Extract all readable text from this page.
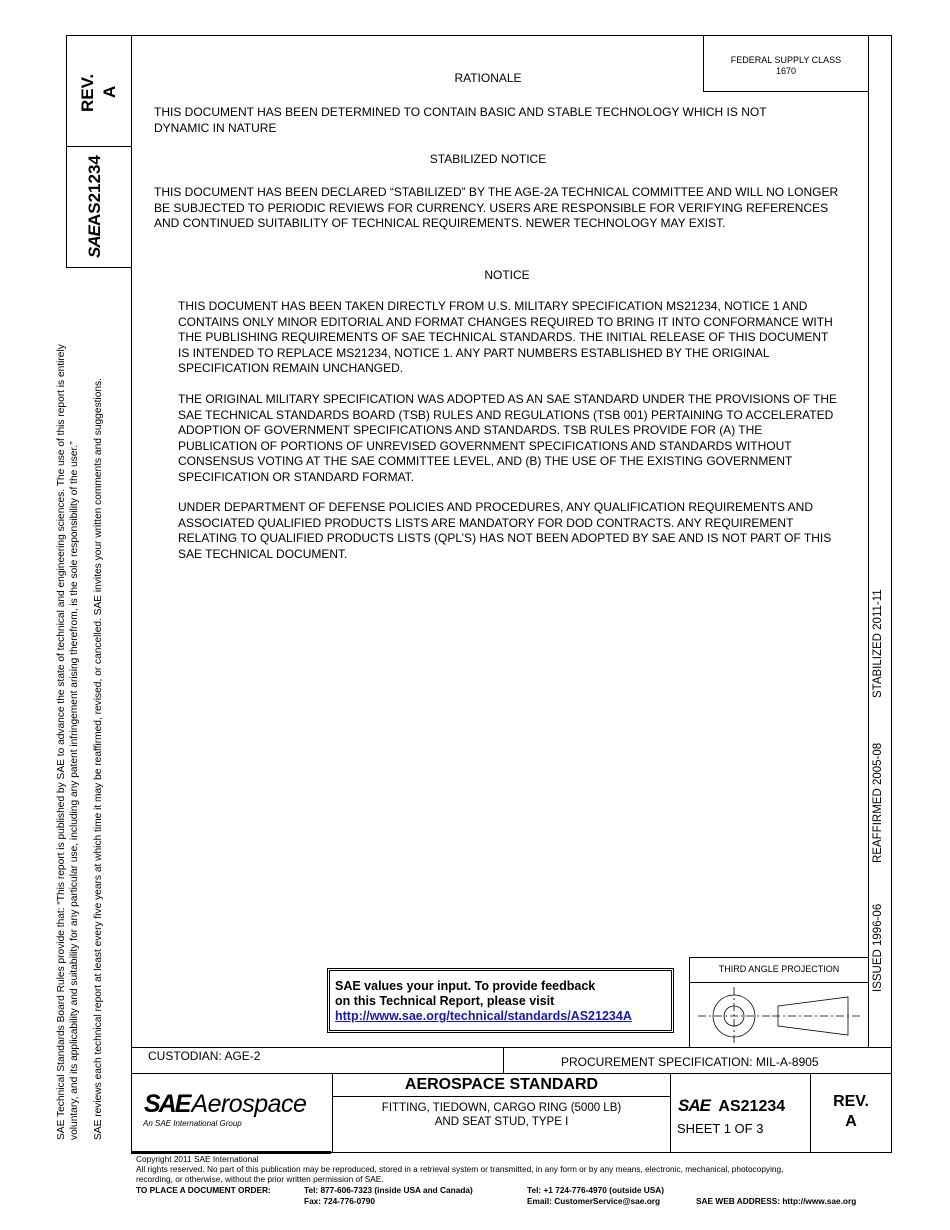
REV. A
SAEAS21234
FEDERAL SUPPLY CLASS
1670
RATIONALE
THIS DOCUMENT HAS BEEN DETERMINED TO CONTAIN BASIC AND STABLE TECHNOLOGY WHICH IS NOT DYNAMIC IN NATURE
STABILIZED NOTICE
THIS DOCUMENT HAS BEEN DECLARED “STABILIZED” BY THE AGE-2A TECHNICAL COMMITTEE AND WILL NO LONGER BE SUBJECTED TO PERIODIC REVIEWS FOR CURRENCY. USERS ARE RESPONSIBLE FOR VERIFYING REFERENCES AND CONTINUED SUITABILITY OF TECHNICAL REQUIREMENTS. NEWER TECHNOLOGY MAY EXIST.
NOTICE
THIS DOCUMENT HAS BEEN TAKEN DIRECTLY FROM U.S. MILITARY SPECIFICATION MS21234, NOTICE 1 AND CONTAINS ONLY MINOR EDITORIAL AND FORMAT CHANGES REQUIRED TO BRING IT INTO CONFORMANCE WITH THE PUBLISHING REQUIREMENTS OF SAE TECHNICAL STANDARDS. THE INITIAL RELEASE OF THIS DOCUMENT IS INTENDED TO REPLACE MS21234, NOTICE 1. ANY PART NUMBERS ESTABLISHED BY THE ORIGINAL SPECIFICATION REMAIN UNCHANGED.
THE ORIGINAL MILITARY SPECIFICATION WAS ADOPTED AS AN SAE STANDARD UNDER THE PROVISIONS OF THE SAE TECHNICAL STANDARDS BOARD (TSB) RULES AND REGULATIONS (TSB 001) PERTAINING TO ACCELERATED ADOPTION OF GOVERNMENT SPECIFICATIONS AND STANDARDS. TSB RULES PROVIDE FOR (A) THE PUBLICATION OF PORTIONS OF UNREVISED GOVERNMENT SPECIFICATIONS AND STANDARDS WITHOUT CONSENSUS VOTING AT THE SAE COMMITTEE LEVEL, AND (B) THE USE OF THE EXISTING GOVERNMENT SPECIFICATION OR STANDARD FORMAT.
UNDER DEPARTMENT OF DEFENSE POLICIES AND PROCEDURES, ANY QUALIFICATION REQUIREMENTS AND ASSOCIATED QUALIFIED PRODUCTS LISTS ARE MANDATORY FOR DOD CONTRACTS. ANY REQUIREMENT RELATING TO QUALIFIED PRODUCTS LISTS (QPL’S) HAS NOT BEEN ADOPTED BY SAE AND IS NOT PART OF THIS SAE TECHNICAL DOCUMENT.
SAE Technical Standards Board Rules provide that: “This report is published by SAE to advance the state of technical and engineering sciences. The use of this report is entirely voluntary, and its applicability and suitability for any particular use, including any patent infringement arising therefrom, is the sole responsibility of the user.” SAE reviews each technical report at least every five years at which time it may be reaffirmed, revised, or cancelled. SAE invites your written comments and suggestions.	STABILIZED 2011-11
REAFFIRMED 2005-08
ISSUED 1996-06
SAE values your input. To provide feedback
on this Technical Report, please visit
http://www.sae.org/technical/standards/AS21234A
THIRD ANGLE PROJECTION
CUSTODIAN: AGE-2	PROCUREMENT SPECIFICATION: MIL-A-8905
SAEAerospace
An SAE International Group
AEROSPACE STANDARD
FITTING, TIEDOWN, CARGO RING (5000 LB)
AND SEAT STUD, TYPE I
SAE AS21234
SHEET 1 OF 3
REV.
A
Copyright 2011 SAE International
All rights reserved. No part of this publication may be reproduced, stored in a retrieval system or transmitted, in any form or by any means, electronic, mechanical, photocopying,
recording, or otherwise, without the prior written permission of SAE.
TO PLACE A DOCUMENT ORDER:	Tel: 877-606-7323 (inside USA and Canada)	Tel: +1 724-776-4970 (outside USA)
Fax: 724-776-0790	Email: CustomerService@sae.org	SAE WEB ADDRESS: http://www.sae.org
